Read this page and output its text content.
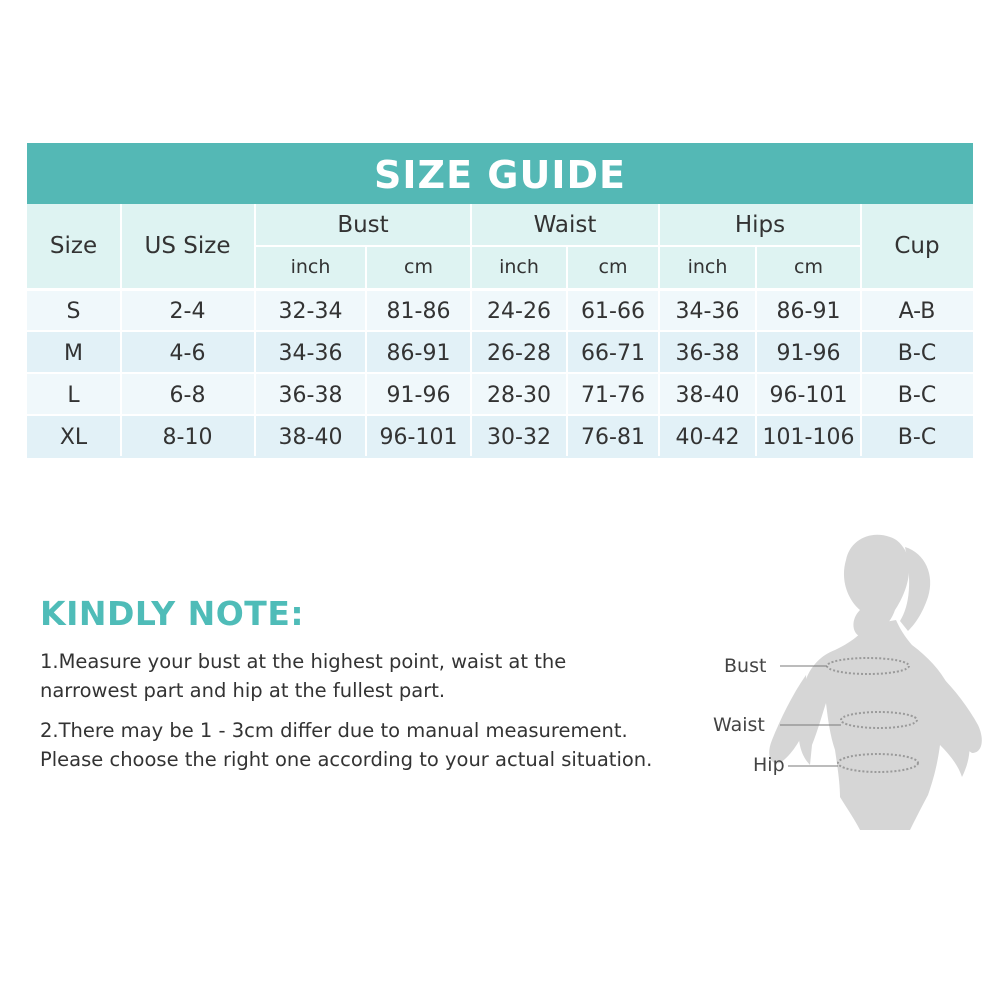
SIZE GUIDE
Size	US Size
Bust	Waist	Hips
Cup
inch	cm	inch	cm	inch	cm
S	2-4	32-34	81-86	24-26	61-66	34-36	86-91	A-B
M	4-6	34-36	86-91	26-28	66-71	36-38	91-96	B-C
L	6-8	36-38	91-96	28-30	71-76	38-40	96-101	B-C
XL	8-10	38-40	96-101	30-32	76-81	40-42	101-106	B-C
KINDLY NOTE:
1.Measure your bust at the highest point, waist at the
narrowest part and hip at the fullest part.
2.There may be 1 - 3cm differ due to manual measurement.
Please choose the right one according to your actual situation.
Bust
Waist
Hip
